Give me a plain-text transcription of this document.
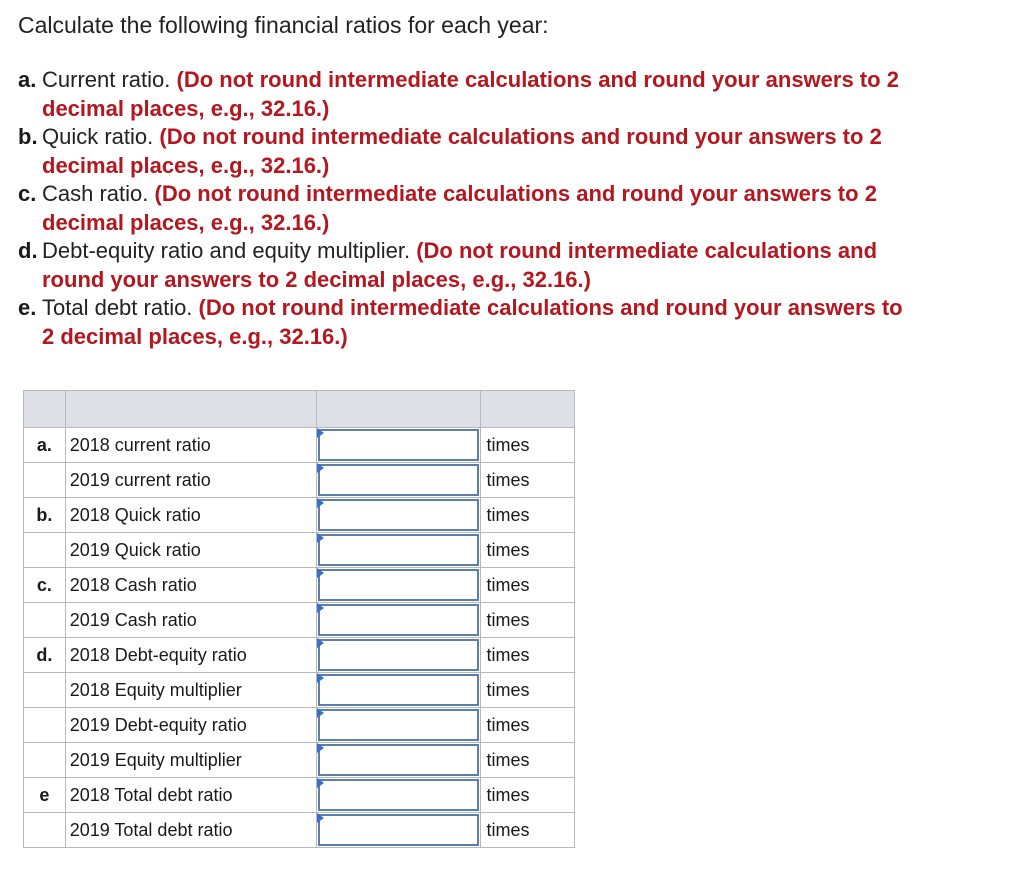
Calculate the following financial ratios for each year:

a. Current ratio. (Do not round intermediate calculations and round your answers to 2
decimal places, e.g., 32.16.)

b. Quick ratio. (Do not round intermediate calculations and round your answers to 2
decimal places, e.g., 32.16.)

c. Cash ratio. (Do not round intermediate calculations and round your answers to 2
decimal places, e.g., 32.16.)

d. Debt-equity ratio and equity multiplier. (Do not round intermediate calculations and
round your answers to 2 decimal places, e.g., 32.16.)

e. Total debt ratio. (Do not round intermediate calculations and round your answers to
2 decimal places, e.g., 32.16.)

a.	2018 current ratio		times
	2019 current ratio		times
b.	2018 Quick ratio		times
	2019 Quick ratio		times
c.	2018 Cash ratio		times
	2019 Cash ratio		times
d.	2018 Debt-equity ratio		times
	2018 Equity multiplier		times
	2019 Debt-equity ratio		times
	2019 Equity multiplier		times
e	2018 Total debt ratio		times
	2019 Total debt ratio		times
